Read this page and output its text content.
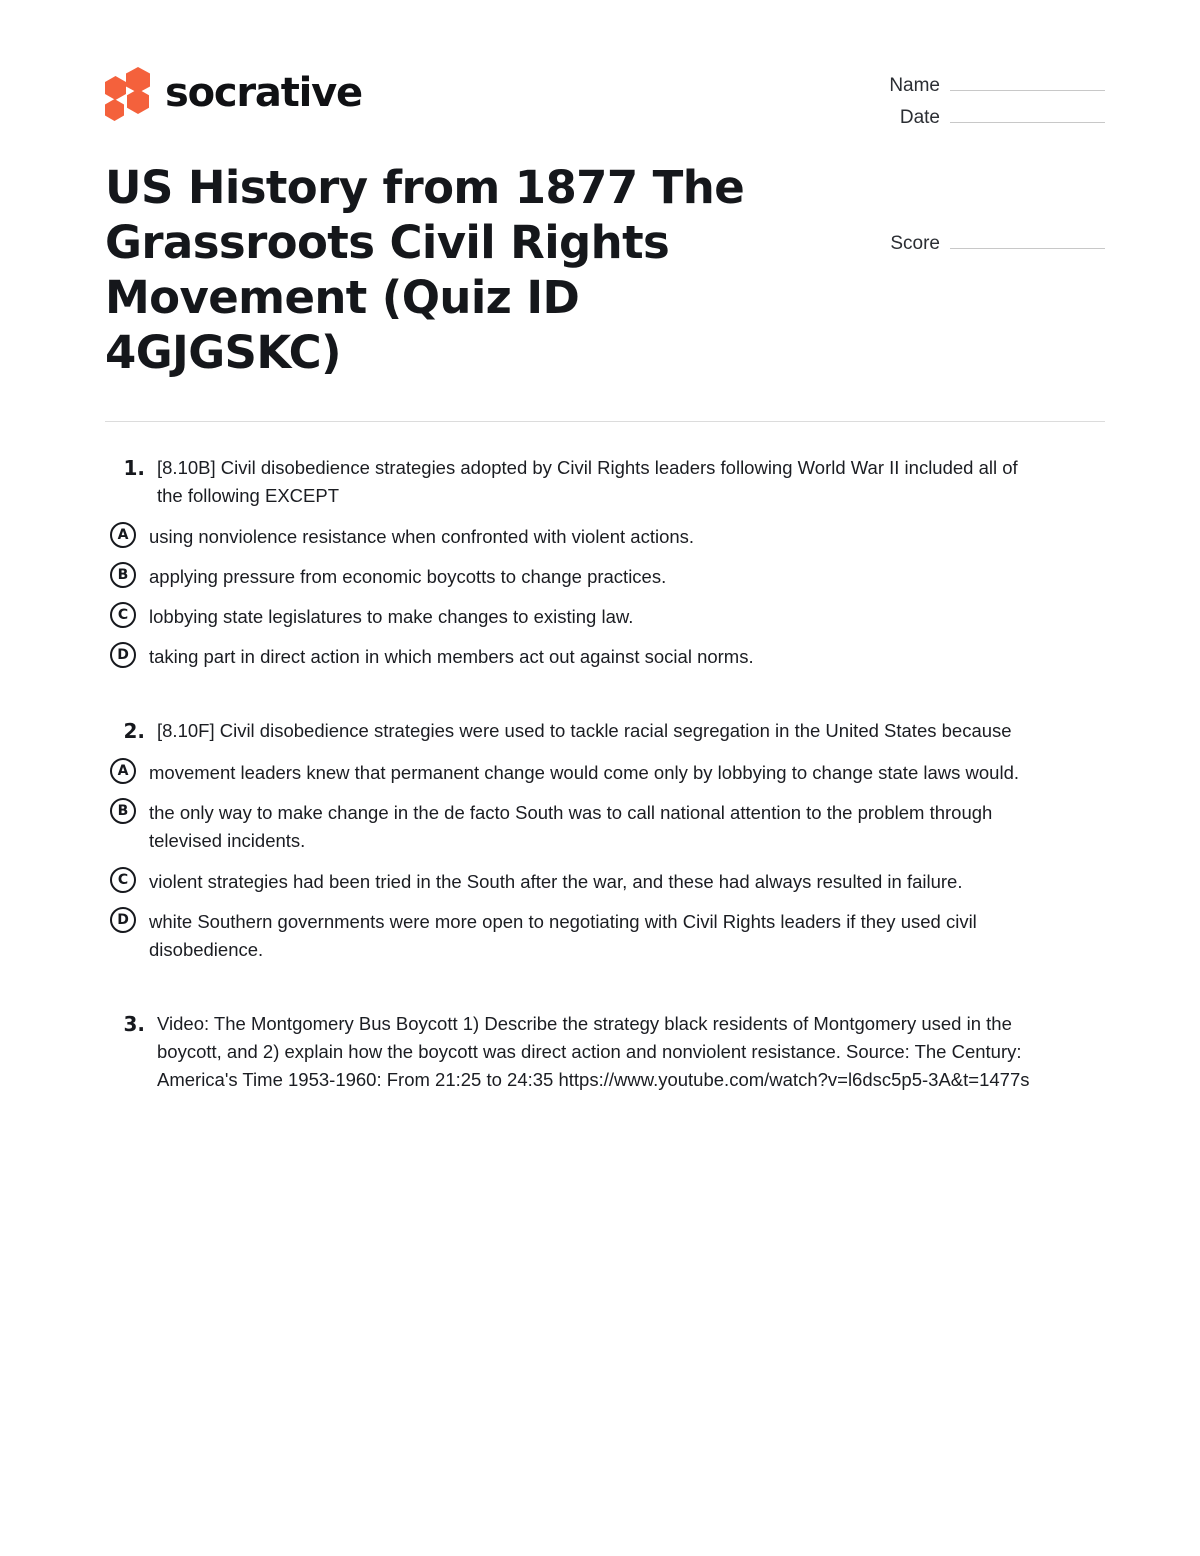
socrative	Name
Date
US History from 1877 The Grassroots Civil Rights Movement (Quiz ID 4GJGSKC)
Score
1. [8.10B] Civil disobedience strategies adopted by Civil Rights leaders following World War II included all of the following EXCEPT
A	using nonviolence resistance when confronted with violent actions.
B	applying pressure from economic boycotts to change practices.
C	lobbying state legislatures to make changes to existing law.
D	taking part in direct action in which members act out against social norms.
2. [8.10F] Civil disobedience strategies were used to tackle racial segregation in the United States because
A	movement leaders knew that permanent change would come only by lobbying to change state laws would.
B	the only way to make change in the de facto South was to call national attention to the problem through televised incidents.
C	violent strategies had been tried in the South after the war, and these had always resulted in failure.
D	white Southern governments were more open to negotiating with Civil Rights leaders if they used civil disobedience.
3. Video: The Montgomery Bus Boycott 1) Describe the strategy black residents of Montgomery used in the boycott, and 2) explain how the boycott was direct action and nonviolent resistance. Source: The Century: America's Time 1953-1960: From 21:25 to 24:35 https://www.youtube.com/watch?v=l6dsc5p5-3A&t=1477s
